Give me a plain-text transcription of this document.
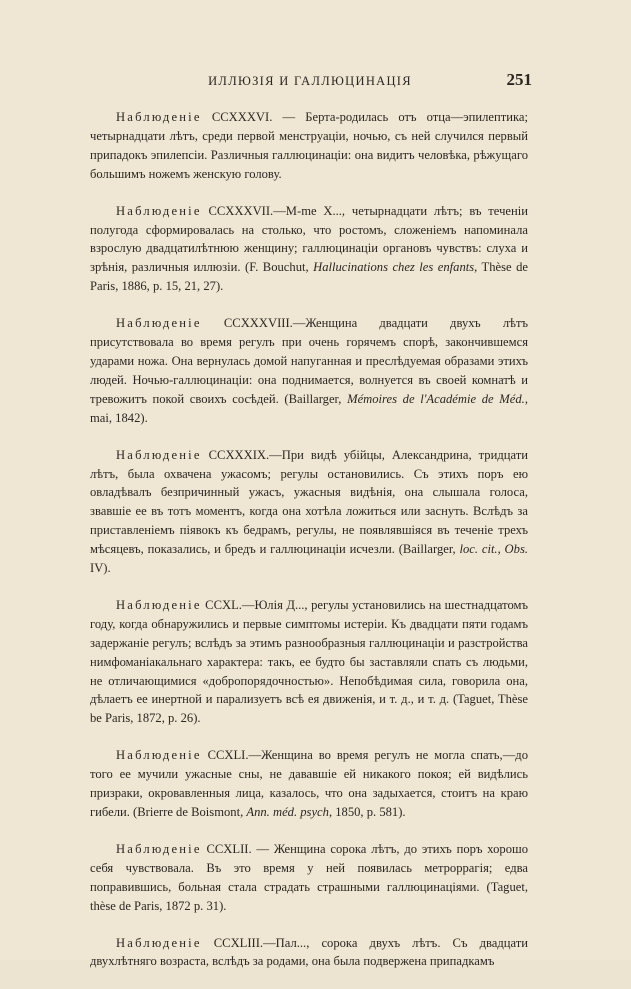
ИЛЛЮЗІЯ И ГАЛЛЮЦИНАЦІЯ	251

Наблюденіе CCXXXVI. — Берта-родилась отъ отца—эпилептика; четырнадцати лѣтъ, среди первой менструаціи, ночью, съ ней случился первый припадокъ эпилепсіи. Различныя галлюцинаціи: она видитъ человѣка, рѣжущаго большимъ ножемъ женскую голову.

Наблюденіе CCXXXVII.—M-me X..., четырнадцати лѣтъ; въ теченіи полугода сформировалась на столько, что ростомъ, сложеніемъ напоминала взрослую двадцатилѣтнюю женщину; галлюцинаціи органовъ чувствъ: слуха и зрѣнія, различныя иллюзіи. (F. Bouchut, Hallucinations chez les enfants, Thèse de Paris, 1886, p. 15, 21, 27).

Наблюденіе CCXXXVIII.—Женщина двадцати двухъ лѣтъ присутствовала во время регулъ при очень горячемъ спорѣ, закончившемся ударами ножа. Она вернулась домой напуганная и преслѣдуемая образами этихъ людей. Ночью-галлюцинаціи: она поднимается, волнуется въ своей комнатѣ и тревожитъ покой своихъ сосѣдей. (Baillarger, Mémoires de l'Académie de Méd., mai, 1842).

Наблюденіе CCXXXIX.—При видѣ убійцы, Александрина, тридцати лѣтъ, была охвачена ужасомъ; регулы остановились. Съ этихъ поръ ею овладѣвалъ безпричинный ужасъ, ужасныя видѣнія, она слышала голоса, звавшіе ее въ тотъ моментъ, когда она хотѣла ложиться или заснуть. Вслѣдъ за приставленіемъ піявокъ къ бедрамъ, регулы, не появлявшіяся въ теченіе трехъ мѣсяцевъ, показались, и бредъ и галлюцинаціи исчезли. (Baillarger, loc. cit., Obs. IV).

Наблюденіе CCXL.—Юлія Д..., регулы установились на шестнадцатомъ году, когда обнаружились и первые симптомы истеріи. Къ двадцати пяти годамъ задержаніе регулъ; вслѣдъ за этимъ разнообразныя галлюцинаціи и разстройства нимфоманіакальнаго характера: такъ, ее будто бы заставляли спать съ людьми, не отличающимися «добропорядочностью». Непобѣдимая сила, говорила она, дѣлаетъ ее инертной и парализуетъ всѣ ея движенія, и т. д., и т. д. (Taguet, Thèse be Paris, 1872, p. 26).

Наблюденіе CCXLI.—Женщина во время регулъ не могла спать,—до того ее мучили ужасные сны, не дававшіе ей никакого покоя; ей видѣлись призраки, окровавленныя лица, казалось, что она задыхается, стоитъ на краю гибели. (Brierre de Boismont, Ann. méd. psych, 1850, p. 581).

Наблюденіе CCXLII. — Женщина сорока лѣтъ, до этихъ поръ хорошо себя чувствовала. Въ это время у ней появилась метроррагія; едва поправившись, больная стала страдать страшными галлюцинаціями. (Taguet, thèse de Paris, 1872 p. 31).

Наблюденіе CCXLIII.—Пал..., сорока двухъ лѣтъ. Съ двадцати двухлѣтняго возраста, вслѣдъ за родами, она была подвержена припадкамъ
